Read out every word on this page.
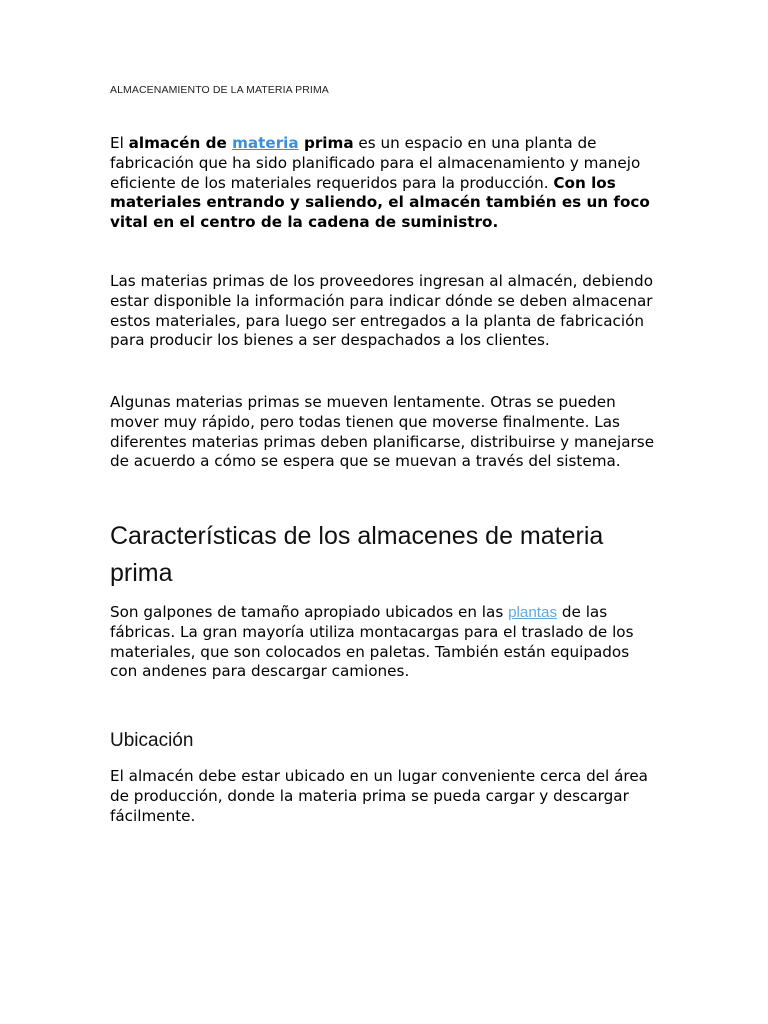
ALMACENAMIENTO DE LA MATERIA PRIMA

El almacén de materia prima es un espacio en una planta de fabricación que ha sido planificado para el almacenamiento y manejo eficiente de los materiales requeridos para la producción. Con los materiales entrando y saliendo, el almacén también es un foco vital en el centro de la cadena de suministro.

Las materias primas de los proveedores ingresan al almacén, debiendo estar disponible la información para indicar dónde se deben almacenar estos materiales, para luego ser entregados a la planta de fabricación para producir los bienes a ser despachados a los clientes.

Algunas materias primas se mueven lentamente. Otras se pueden mover muy rápido, pero todas tienen que moverse finalmente. Las diferentes materias primas deben planificarse, distribuirse y manejarse de acuerdo a cómo se espera que se muevan a través del sistema.

Características de los almacenes de materia prima

Son galpones de tamaño apropiado ubicados en las plantas de las fábricas. La gran mayoría utiliza montacargas para el traslado de los materiales, que son colocados en paletas. También están equipados con andenes para descargar camiones.

Ubicación

El almacén debe estar ubicado en un lugar conveniente cerca del área de producción, donde la materia prima se pueda cargar y descargar fácilmente.
